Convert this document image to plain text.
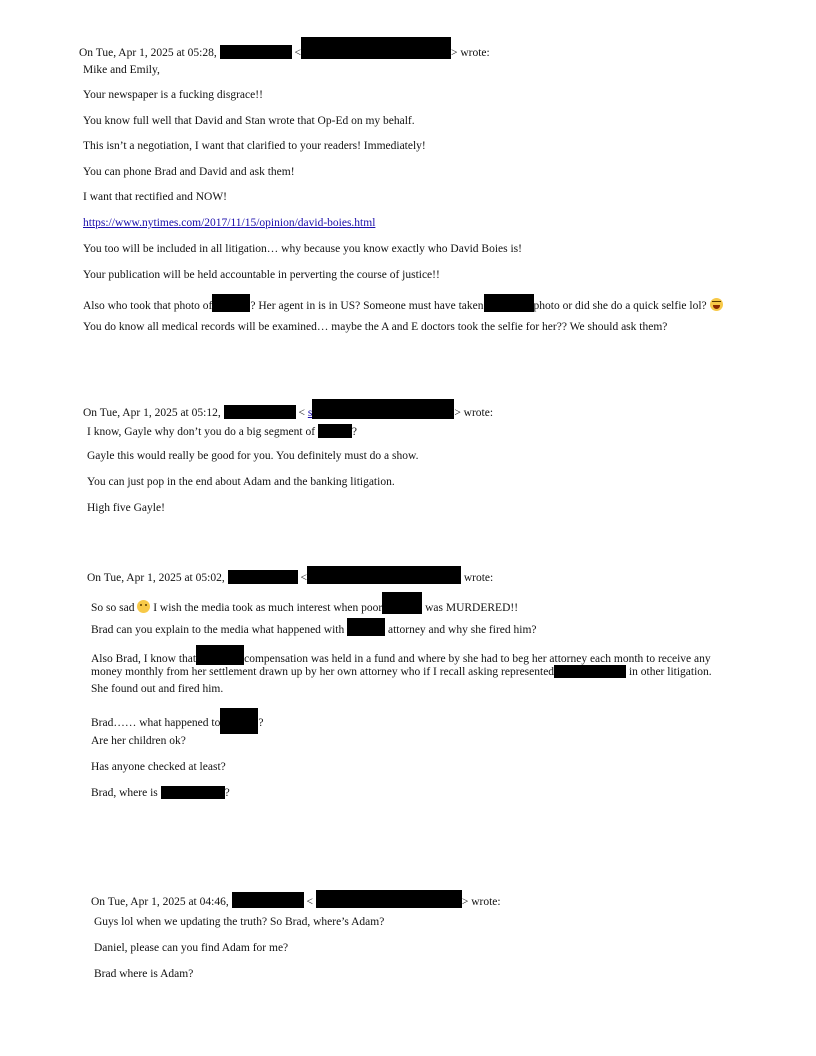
On Tue, Apr 1, 2025 at 05:28,	<	> wrote:
Mike and Emily,
Your newspaper is a fucking disgrace!!
You know full well that David and Stan wrote that Op-Ed on my behalf.
This isn’t a negotiation, I want that clarified to your readers! Immediately!
You can phone Brad and David and ask them!
I want that rectified and NOW!
https://www.nytimes.com/2017/11/15/opinion/david-boies.html
You too will be included in all litigation… why because you know exactly who David Boies is!
Your publication will be held accountable in perverting the course of justice!!
Also who took that photo of	? Her agent in is in US? Someone must have taken	photo or did she do a quick selfie lol?
You do know all medical records will be examined… maybe the A and E doctors took the selfie for her?? We should ask them?
On Tue, Apr 1, 2025 at 05:12,	< s	> wrote:
I know, Gayle why don’t you do a big segment of	?
Gayle this would really be good for you. You definitely must do a show.
You can just pop in the end about Adam and the banking litigation.
High five Gayle!
On Tue, Apr 1, 2025 at 05:02,	<	wrote:
So so sad I wish the media took as much interest when poor	was MURDERED!!
Brad can you explain to the media what happened with	attorney and why she fired him?
Also Brad, I know that	compensation was held in a fund and where by she had to beg her attorney each month to receive any money monthly from her settlement drawn up by her own attorney who if I recall asking represented	in other litigation.
She found out and fired him.
Brad…… what happened to	?
Are her children ok?
Has anyone checked at least?
Brad, where is	?
On Tue, Apr 1, 2025 at 04:46,	<	> wrote:
Guys lol when we updating the truth? So Brad, where’s Adam?
Daniel, please can you find Adam for me?
Brad where is Adam?
